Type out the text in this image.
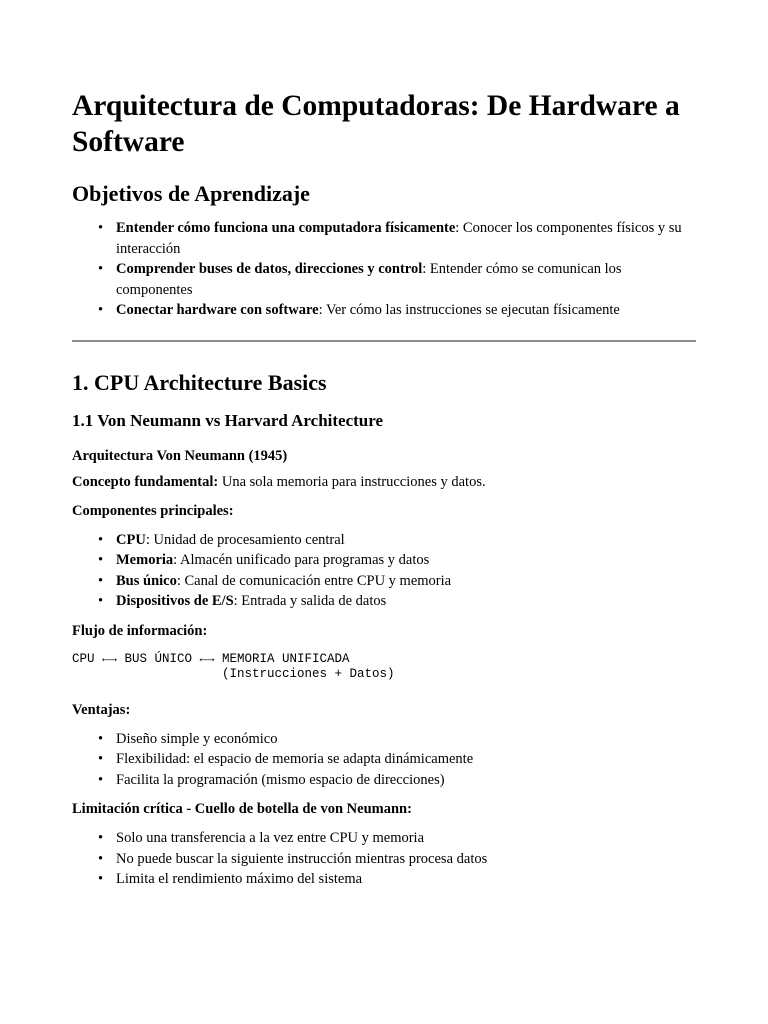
Arquitectura de Computadoras: De Hardware a Software
Objetivos de Aprendizaje
• Entender cómo funciona una computadora físicamente: Conocer los componentes físicos y su interacción
• Comprender buses de datos, direcciones y control: Entender cómo se comunican los componentes
• Conectar hardware con software: Ver cómo las instrucciones se ejecutan físicamente
1. CPU Architecture Basics
1.1 Von Neumann vs Harvard Architecture

Arquitectura Von Neumann (1945)

Concepto fundamental: Una sola memoria para instrucciones y datos.

Componentes principales:

• CPU: Unidad de procesamiento central
• Memoria: Almacén unificado para programas y datos
• Bus único: Canal de comunicación entre CPU y memoria
• Dispositivos de E/S: Entrada y salida de datos

Flujo de información:

CPU ←→ BUS ÚNICO ←→ MEMORIA UNIFICADA
(Instrucciones + Datos)

Ventajas:

• Diseño simple y económico
• Flexibilidad: el espacio de memoria se adapta dinámicamente
• Facilita la programación (mismo espacio de direcciones)

Limitación crítica - Cuello de botella de von Neumann:

• Solo una transferencia a la vez entre CPU y memoria
• No puede buscar la siguiente instrucción mientras procesa datos
• Limita el rendimiento máximo del sistema
